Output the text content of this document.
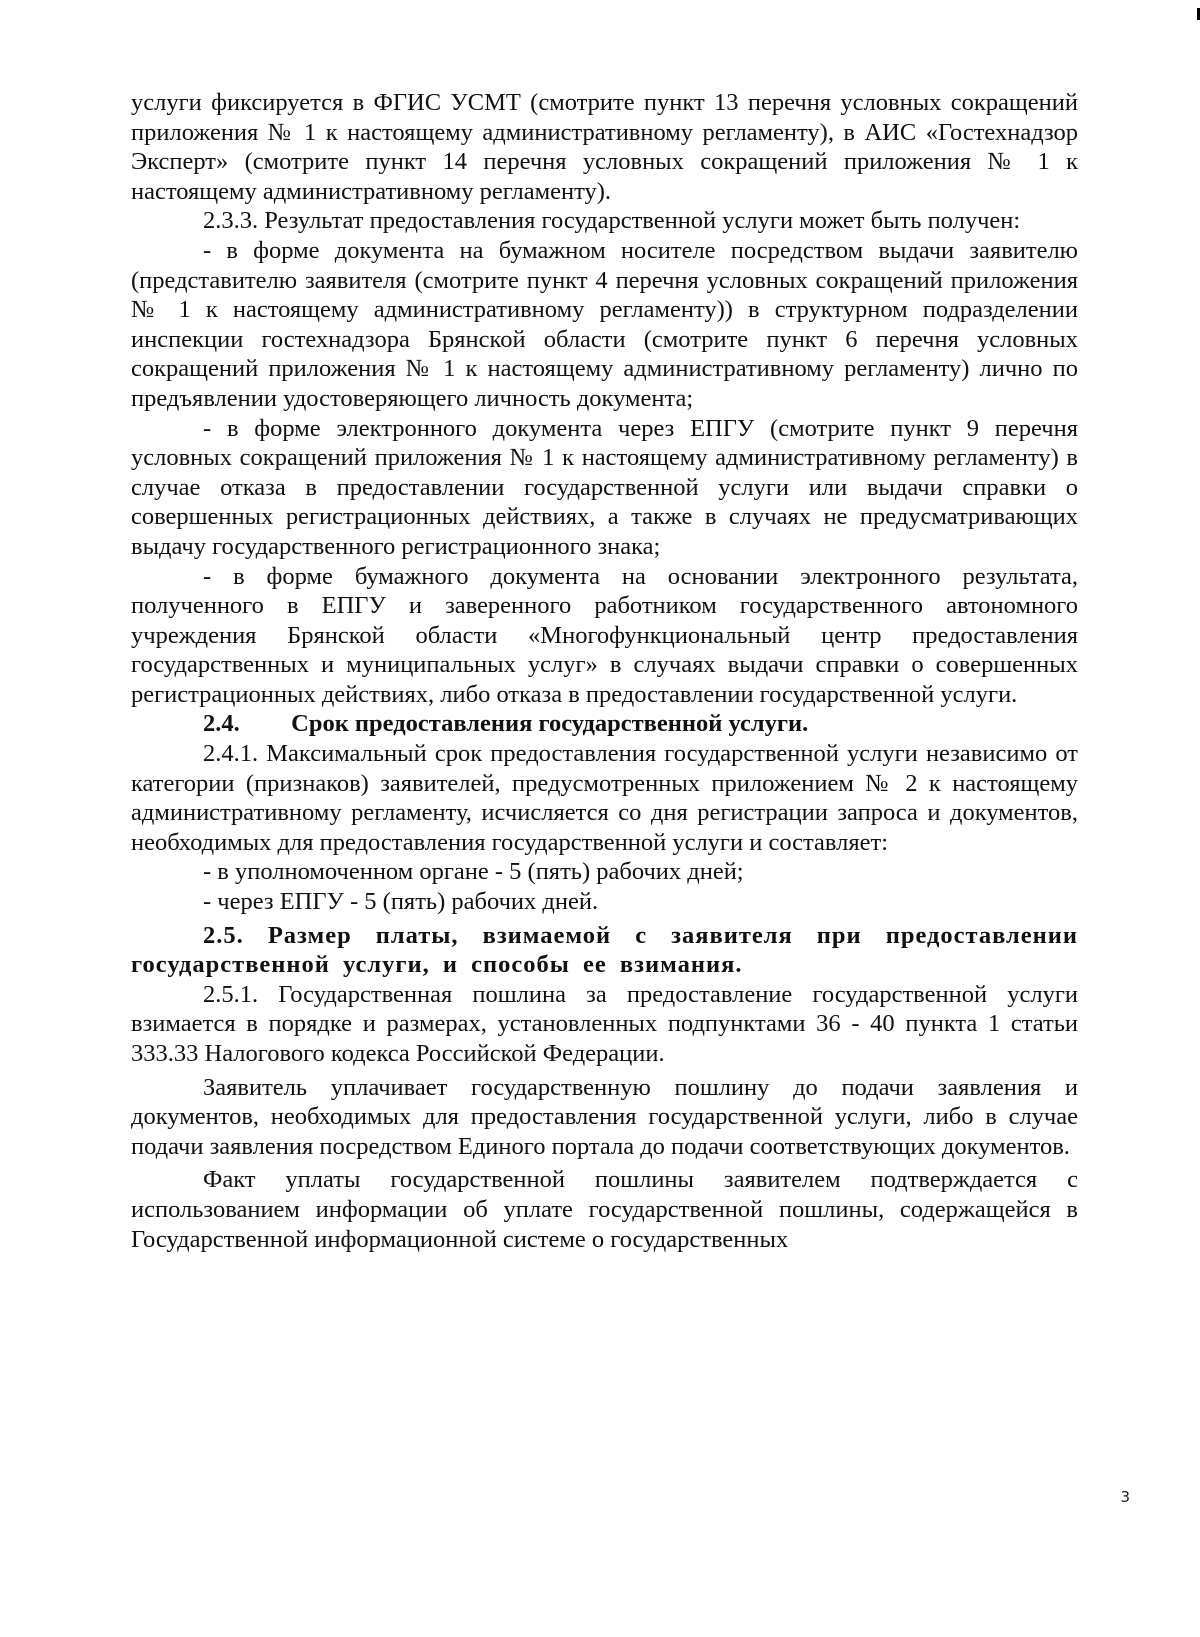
услуги фиксируется в ФГИС УСМТ (смотрите пункт 13 перечня условных сокращений приложения № 1 к настоящему административному регламенту), в АИС «Гостехнадзор Эксперт» (смотрите пункт 14 перечня условных сокращений приложения № 1 к настоящему административному регламенту).

2.3.3. Результат предоставления государственной услуги может быть получен:

- в форме документа на бумажном носителе посредством выдачи заявителю (представителю заявителя (смотрите пункт 4 перечня условных сокращений приложения № 1 к настоящему административному регламенту)) в структурном подразделении инспекции гостехнадзора Брянской области (смотрите пункт 6 перечня условных сокращений приложения № 1 к настоящему административному регламенту) лично по предъявлении удостоверяющего личность документа;

- в форме электронного документа через ЕПГУ (смотрите пункт 9 перечня условных сокращений приложения № 1 к настоящему административному регламенту) в случае отказа в предоставлении государственной услуги или выдачи справки о совершенных регистрационных действиях, а также в случаях не предусматривающих выдачу государственного регистрационного знака;

- в форме бумажного документа на основании электронного результата, полученного в ЕПГУ и заверенного работником государственного автономного учреждения Брянской области «Многофункциональный центр предоставления государственных и муниципальных услуг» в случаях выдачи справки о совершенных регистрационных действиях, либо отказа в предоставлении государственной услуги.

2.4. Срок предоставления государственной услуги.

2.4.1. Максимальный срок предоставления государственной услуги независимо от категории (признаков) заявителей, предусмотренных приложением № 2 к настоящему административному регламенту, исчисляется со дня регистрации запроса и документов, необходимых для предоставления государственной услуги и составляет:

- в уполномоченном органе - 5 (пять) рабочих дней;

- через ЕПГУ - 5 (пять) рабочих дней.

2.5. Размер платы, взимаемой с заявителя при предоставлении государственной услуги, и способы ее взимания.

2.5.1. Государственная пошлина за предоставление государственной услуги взимается в порядке и размерах, установленных подпунктами 36 - 40 пункта 1 статьи 333.33 Налогового кодекса Российской Федерации.

Заявитель уплачивает государственную пошлину до подачи заявления и документов, необходимых для предоставления государственной услуги, либо в случае подачи заявления посредством Единого портала до подачи соответствующих документов.

Факт уплаты государственной пошлины заявителем подтверждается с использованием информации об уплате государственной пошлины, содержащейся в Государственной информационной системе о государственных

3
